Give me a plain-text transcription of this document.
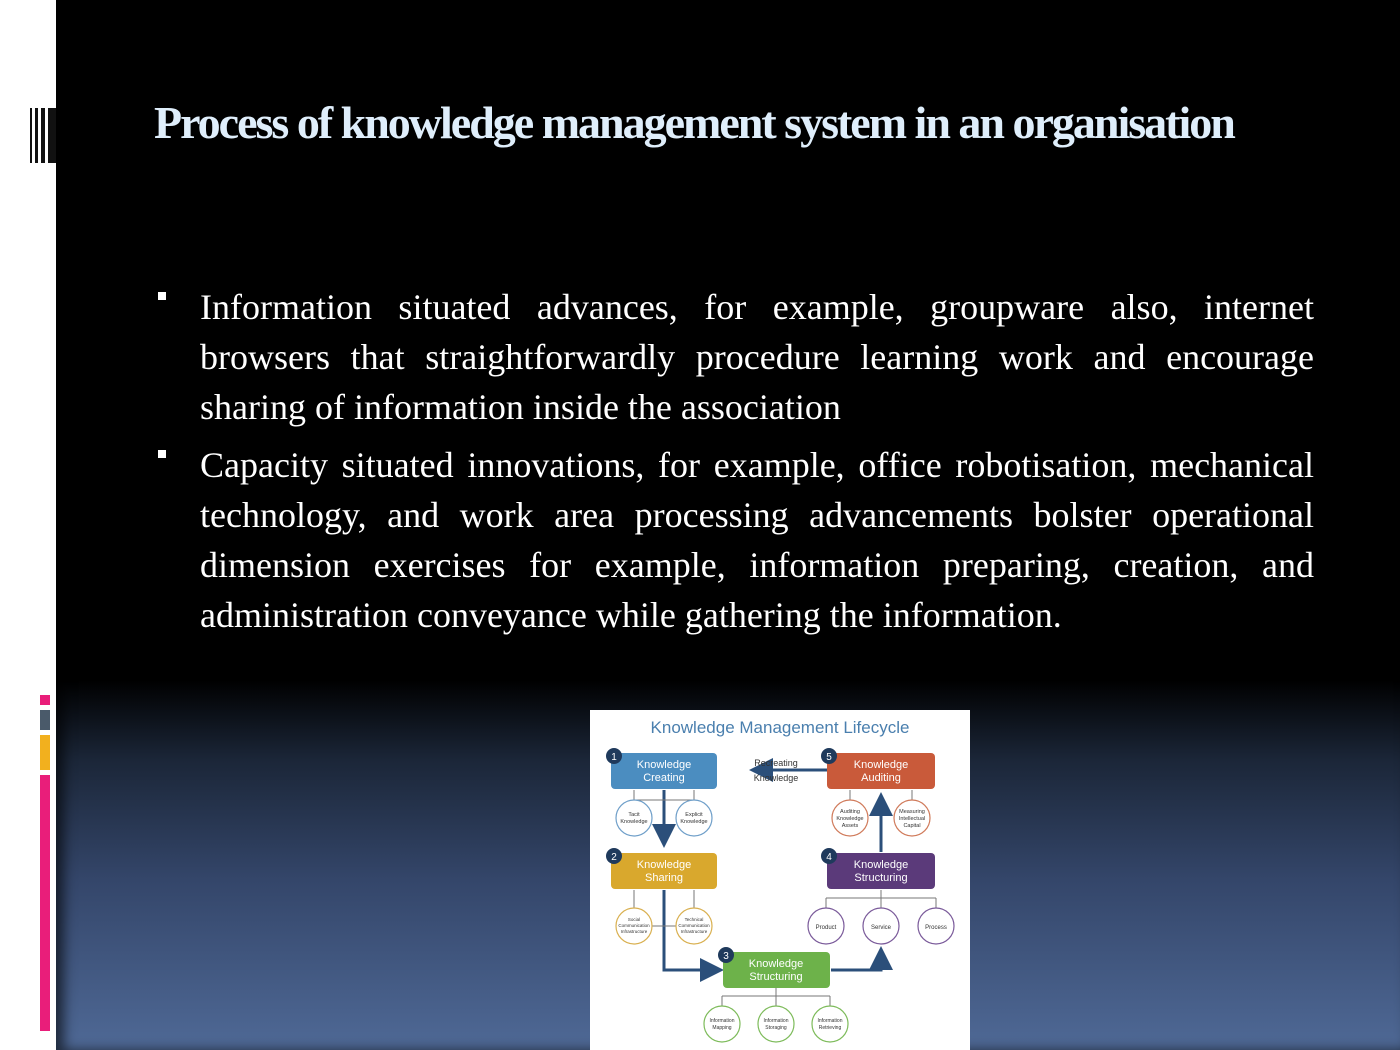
Process of knowledge management system in an organisation
Information situated advances, for example, groupware also, internet browsers that straightforwardly procedure learning work and encourage sharing of information inside the association
Capacity situated innovations, for example, office robotisation, mechanical technology, and work area processing advancements bolster operational dimension exercises for example, information preparing, creation, and administration conveyance while gathering the information.
Knowledge Management Lifecycle
Recreating
Knowledge
Knowledge
Creating
1
Knowledge
Auditing
5
Knowledge
Sharing
2
Knowledge
Structuring
4
Knowledge
Structuring
3
Tacit
Knowledge
Explicit
Knowledge
Auditing
Knowledge
Assets
Measuring
Intellectual
Capital
Social
Communication
Infrastructure
Technical
Communication
Infrastructure
Product	Service	Process
Information
Mapping
Information
Storaging
Information
Retrieving
